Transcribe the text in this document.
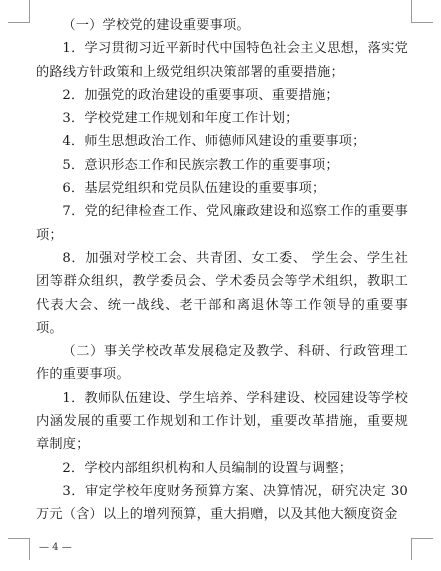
（一）学校党的建设重要事项。

1．学习贯彻习近平新时代中国特色社会主义思想，落实党的路线方针政策和上级党组织决策部署的重要措施；

2．加强党的政治建设的重要事项、重要措施；

3．学校党建工作规划和年度工作计划；

4．师生思想政治工作、师德师风建设的重要事项；

5．意识形态工作和民族宗教工作的重要事项；

6．基层党组织和党员队伍建设的重要事项；

7．党的纪律检查工作、党风廉政建设和巡察工作的重要事项；

8．加强对学校工会、共青团、女工委、 学生会、学生社团等群众组织，教学委员会、学术委员会等学术组织，教职工代表大会、统一战线、老干部和离退休等工作领导的重要事项。

（二）事关学校改革发展稳定及教学、科研、行政管理工作的重要事项。

1．教师队伍建设、学生培养、学科建设、校园建设等学校内涵发展的重要工作规划和工作计划，重要改革措施，重要规章制度；

2．学校内部组织机构和人员编制的设置与调整；

3．审定学校年度财务预算方案、决算情况，研究决定 30 万元（含）以上的增列预算，重大捐赠，以及其他大额度资金

— 4 —
